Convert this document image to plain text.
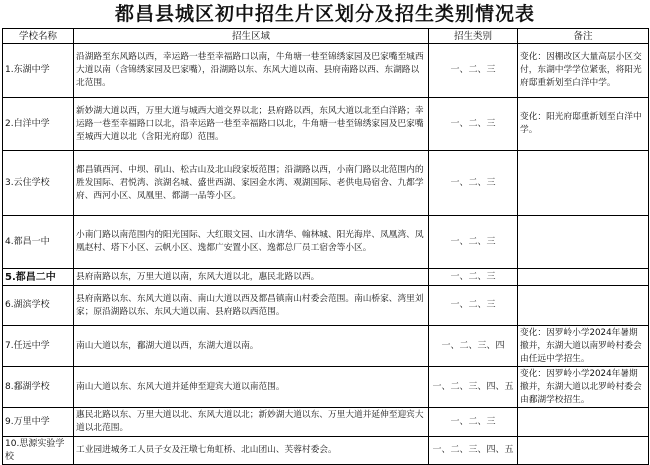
都昌县城区初中招生片区划分及招生类别情况表
学校名称	招生区域	招生类别	备注
1.东湖中学	沿湖路至东风路以西，幸运路一巷至幸福路口以南，牛角塘一巷至锦绣家园及巴家嘴至城西大道以南（含锦绣家园及巴家嘴），沿湖路以东、东风大道以南、县府南路以西、东湖路以北范围。	一、二、三	变化：因棚改区大量高层小区交付，东湖中学学位紧张，将阳光府邸重新划至白洋中学。
2.白洋中学	新妙湖大道以西，万里大道与城西大道交界以北；县府路以西，东风大道以北至白洋路；幸运路一巷至幸福路口以北，沿幸运路一巷至幸福路口以北，牛角塘一巷至锦绣家园及巴家嘴至城西大道以北（含阳光府邸）范围。	一、二、三	变化：阳光府邸重新划至白洋中学。
3.云住学校	都昌镇西河、中坝、矶山、松古山及北山段家坂范围；沿湖路以西，小南门路以北范围内的胜发国际、君悦湾、滨湖名城、盛世西湖、家园金水湾、观湖国际、老供电局宿舍、九都学府、西河小区、凤凰里、都湖一品等小区。	一、二、三	
4.都昌一中	小南门路以南范围内的阳光国际、大红眼文园、山水清华、翰林城、阳光海岸、凤凰湾、凤凰赵村、塔下小区、云帆小区、逸都广安置小区、逸都总厂员工宿舍等小区。	一、二、三	
5.都昌二中	县府南路以东，万里大道以南，东风大道以北，惠民北路以西。	一、二、三	
6.湖滨学校	县府南路以东、东风大道以南、南山大道以西及都昌镇南山村委会范围。南山桥家、湾里刘家；原沿湖路以东、东风大道以南、县府路以西范围。	一、二、三	
7.任远中学	南山大道以东，鄱湖大道以西，东湖大道以南。	一、二、三、四	变化：因罗岭小学2024年暑期撤并，东湖大道以南罗岭村委会由任远中学招生。
8.鄱湖学校	南山大道以东、东风大道并延伸至迎宾大道以南范围。	一、二、三、四、五	变化：因罗岭小学2024年暑期撤并，东湖大道以北罗岭村委会由鄱湖学校招生。
9.万里中学	惠民北路以东、万里大道以北、东风大道以北；新妙湖大道以东、万里大道并延伸至迎宾大道以北范围。	一、二、三	
10.思源实验学校	工业园进城务工人员子女及汪墩七角虹桥、北山团山、芙蓉村委会。	一、二、三、四、五	
